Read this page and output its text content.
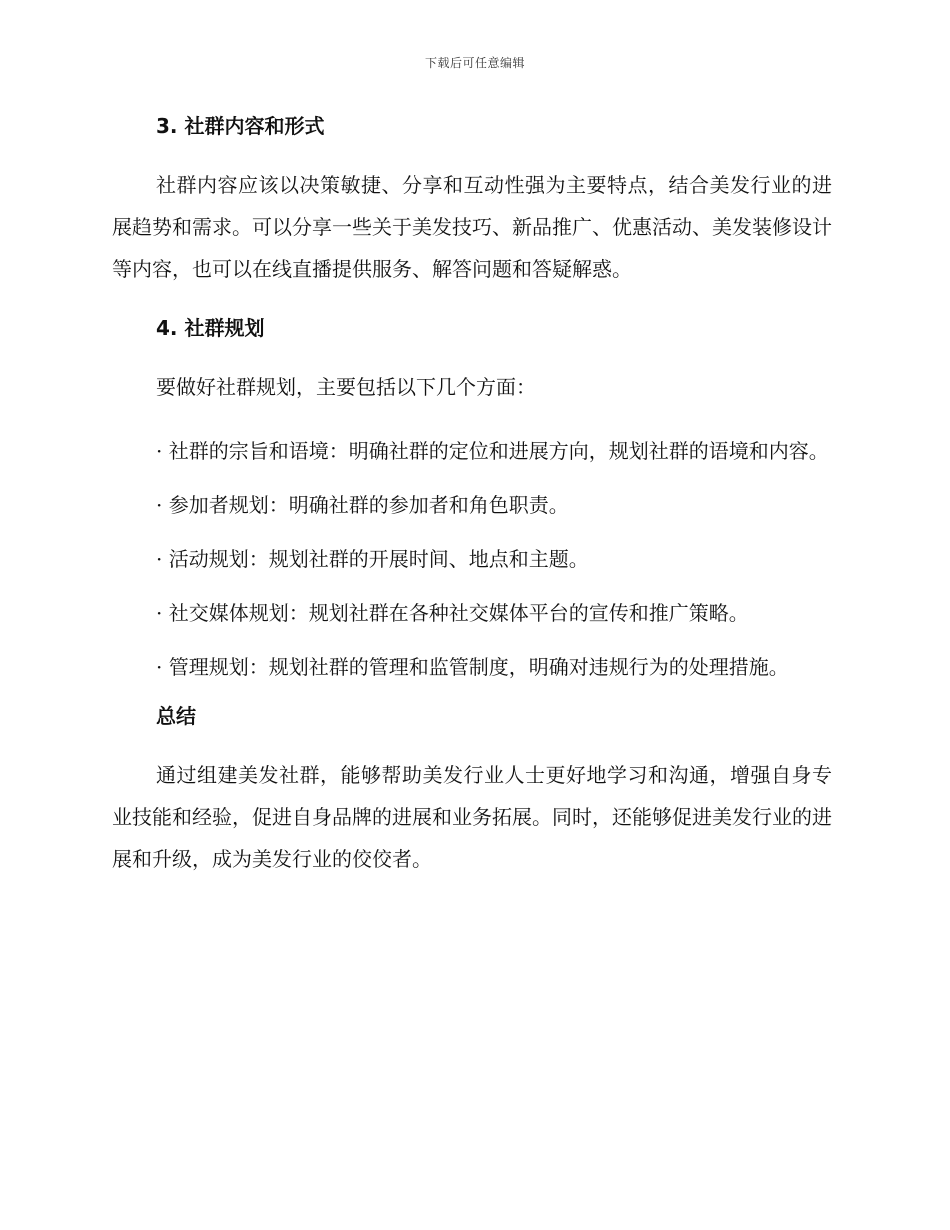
下载后可任意编辑
3. 社群内容和形式

社群内容应该以决策敏捷、分享和互动性强为主要特点，结合美发行业的进展趋势和需求。可以分享一些关于美发技巧、新品推广、优惠活动、美发装修设计等内容，也可以在线直播提供服务、解答问题和答疑解惑。

4. 社群规划

要做好社群规划，主要包括以下几个方面：

· 社群的宗旨和语境：明确社群的定位和进展方向，规划社群的语境和内容。

· 参加者规划：明确社群的参加者和角色职责。

· 活动规划：规划社群的开展时间、地点和主题。

· 社交媒体规划：规划社群在各种社交媒体平台的宣传和推广策略。

· 管理规划：规划社群的管理和监管制度，明确对违规行为的处理措施。

总结

通过组建美发社群，能够帮助美发行业人士更好地学习和沟通，增强自身专业技能和经验，促进自身品牌的进展和业务拓展。同时，还能够促进美发行业的进展和升级，成为美发行业的佼佼者。
